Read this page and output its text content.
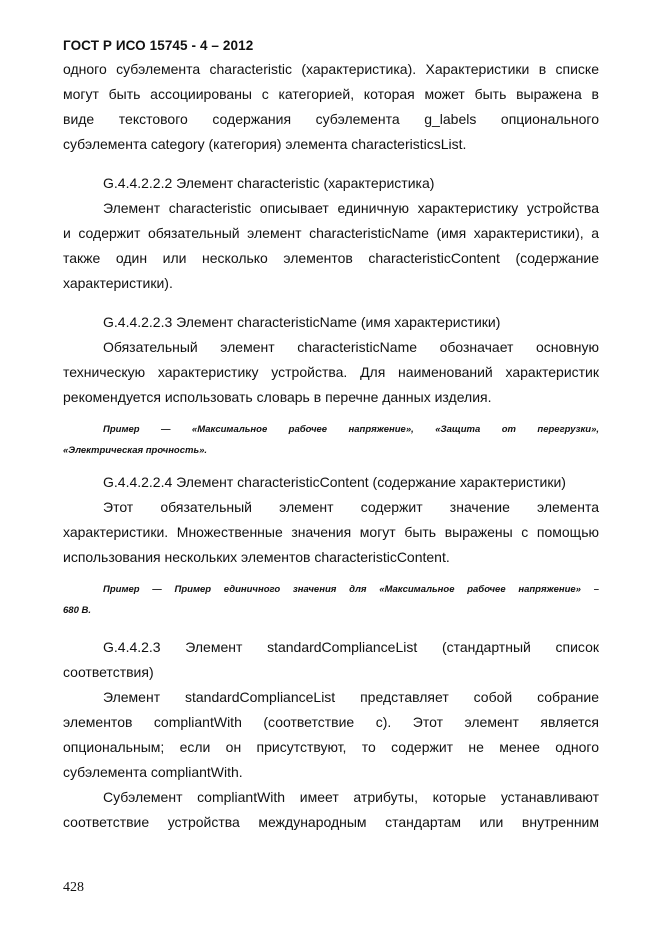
ГОСТ Р ИСО 15745 - 4 – 2012
одного субэлемента characteristic (характеристика). Характеристики в списке
могут быть ассоциированы с категорией, которая может быть выражена в
виде текстового содержания субэлемента g_labels опционального
субэлемента category (категория) элемента characteristicsList.
G.4.4.2.2.2 Элемент characteristic (характеристика)
Элемент characteristic описывает единичную характеристику устройства
и содержит обязательный элемент characteristicName (имя характеристики), а
также один или несколько элементов characteristicContent (содержание
характеристики).
G.4.4.2.2.3 Элемент characteristicName (имя характеристики)
Обязательный элемент characteristicName обозначает основную
техническую характеристику устройства. Для наименований характеристик
рекомендуется использовать словарь в перечне данных изделия.
Пример — «Максимальное рабочее напряжение», «Защита от перегрузки»,
«Электрическая прочность».
G.4.4.2.2.4 Элемент characteristicContent (содержание характеристики)
Этот обязательный элемент содержит значение элемента
характеристики. Множественные значения могут быть выражены с помощью
использования нескольких элементов characteristicContent.
Пример — Пример единичного значения для «Максимальное рабочее напряжение» –
680 В.
G.4.4.2.3 Элемент standardComplianceList (стандартный список
соответствия)
Элемент standardComplianceList представляет собой собрание
элементов compliantWith (соответствие с). Этот элемент является
опциональным; если он присутствуют, то содержит не менее одного
субэлемента compliantWith.
Субэлемент compliantWith имеет атрибуты, которые устанавливают
соответствие устройства международным стандартам или внутренним
428
